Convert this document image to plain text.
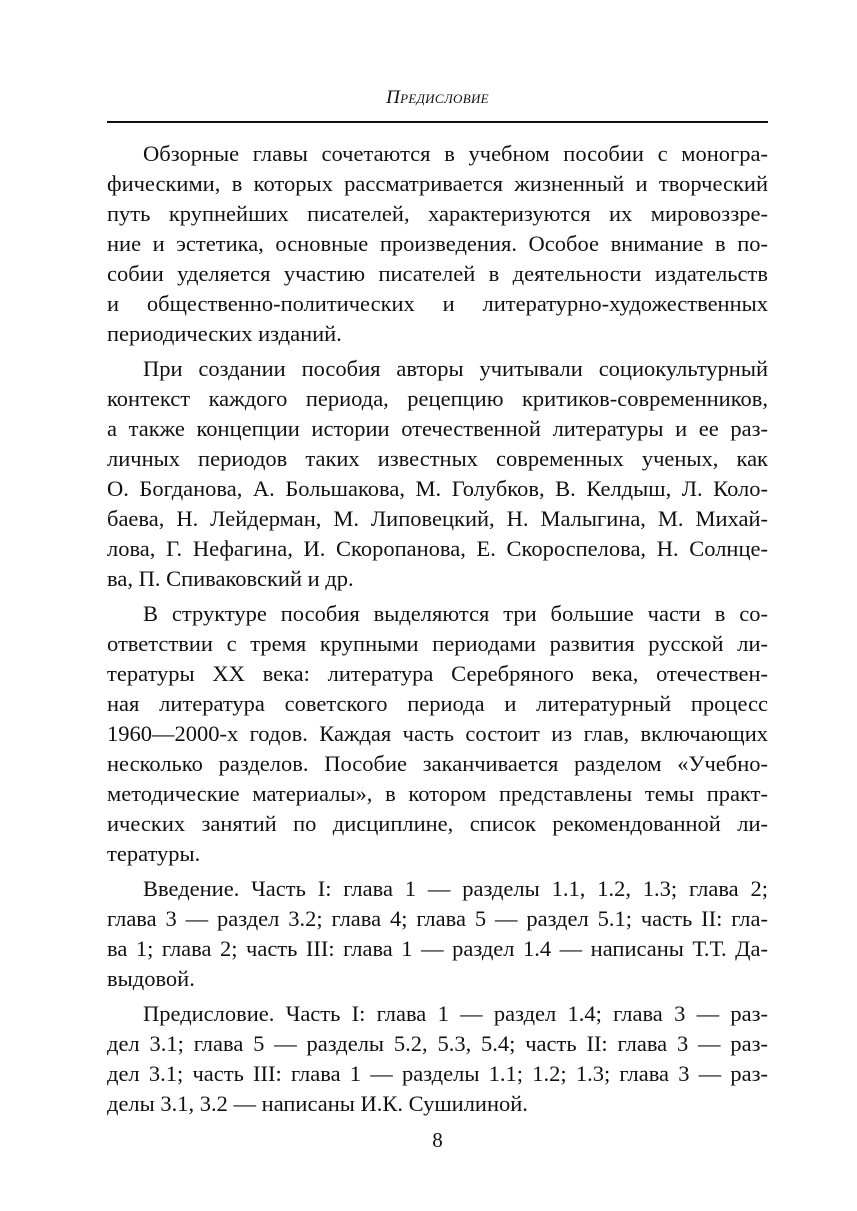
Предисловие

Обзорные главы сочетаются в учебном пособии с моногра-
фическими, в которых рассматривается жизненный и творческий
путь крупнейших писателей, характеризуются их мировоззре-
ние и эстетика, основные произведения. Особое внимание в по-
собии уделяется участию писателей в деятельности издательств
и общественно-политических и литературно-художественных
периодических изданий.

При создании пособия авторы учитывали социокультурный
контекст каждого периода, рецепцию критиков-современников,
а также концепции истории отечественной литературы и ее раз-
личных периодов таких известных современных ученых, как
О. Богданова, А. Большакова, М. Голубков, В. Келдыш, Л. Коло-
баева, Н. Лейдерман, М. Липовецкий, Н. Малыгина, М. Михай-
лова, Г. Нефагина, И. Скоропанова, Е. Скороспелова, Н. Солнце-
ва, П. Спиваковский и др.

В структуре пособия выделяются три большие части в со-
ответствии с тремя крупными периодами развития русской ли-
тературы XX века: литература Серебряного века, отечествен-
ная литература советского периода и литературный процесс
1960—2000-х годов. Каждая часть состоит из глав, включающих
несколько разделов. Пособие заканчивается разделом «Учебно-
методические материалы», в котором представлены темы практ-
ических занятий по дисциплине, список рекомендованной ли-
тературы.

Введение. Часть I: глава 1 — разделы 1.1, 1.2, 1.3; глава 2;
глава 3 — раздел 3.2; глава 4; глава 5 — раздел 5.1; часть II: гла-
ва 1; глава 2; часть III: глава 1 — раздел 1.4 — написаны Т.Т. Да-
выдовой.

Предисловие. Часть I: глава 1 — раздел 1.4; глава 3 — раз-
дел 3.1; глава 5 — разделы 5.2, 5.3, 5.4; часть II: глава 3 — раз-
дел 3.1; часть III: глава 1 — разделы 1.1; 1.2; 1.3; глава 3 — раз-
делы 3.1, 3.2 — написаны И.К. Сушилиной.

8
